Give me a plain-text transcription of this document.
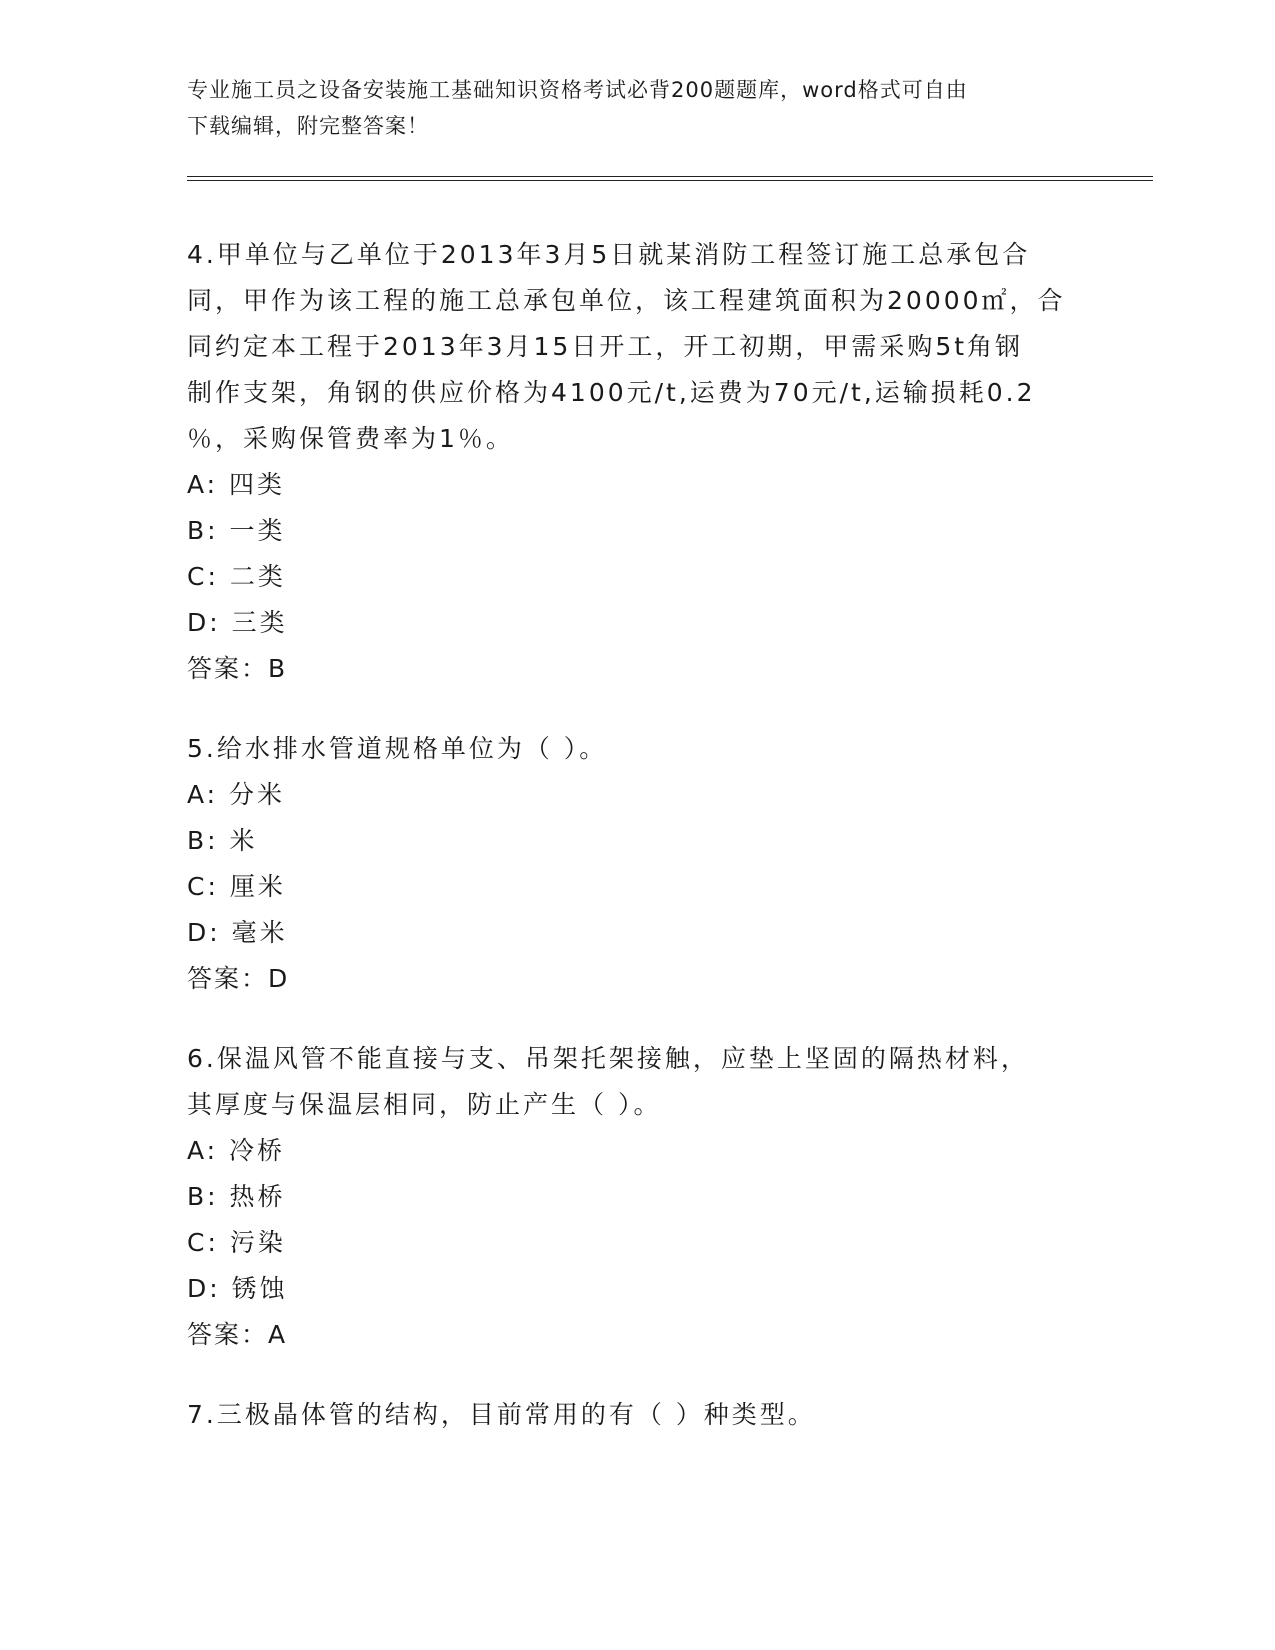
专业施工员之设备安装施工基础知识资格考试必背200题题库，word格式可自由
下载编辑，附完整答案！
4.甲单位与乙单位于2013年3月5日就某消防工程签订施工总承包合
同，甲作为该工程的施工总承包单位，该工程建筑面积为20000㎡，合
同约定本工程于2013年3月15日开工，开工初期，甲需采购5t角钢
制作支架，角钢的供应价格为4100元/t,运费为70元/t,运输损耗0.2
％，采购保管费率为1％。
A: 四类
B: 一类
C: 二类
D: 三类
答案：B
5.给水排水管道规格单位为（ ）。
A: 分米
B: 米
C: 厘米
D: 毫米
答案：D
6.保温风管不能直接与支、吊架托架接触，应垫上坚固的隔热材料，
其厚度与保温层相同，防止产生（ ）。
A: 冷桥
B: 热桥
C: 污染
D: 锈蚀
答案：A
7.三极晶体管的结构，目前常用的有（ ）种类型。
